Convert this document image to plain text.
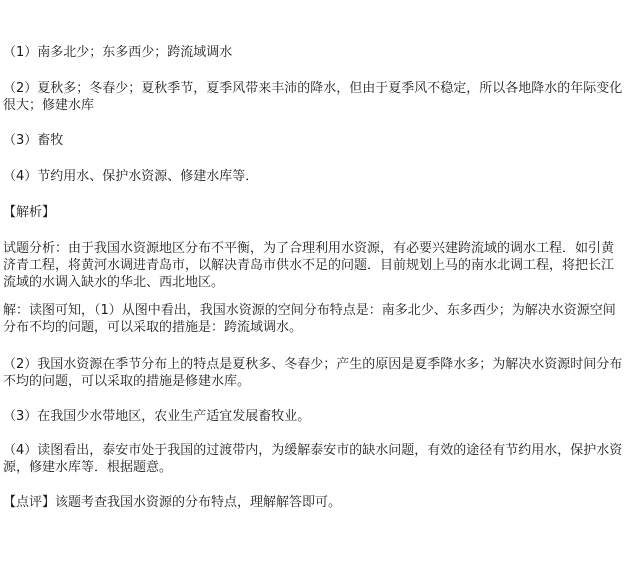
（1）南多北少；东多西少；跨流域调水

（2）夏秋多；冬春少；夏秋季节，夏季风带来丰沛的降水，但由于夏季风不稳定，所以各地降水的年际变化很大；修建水库

（3）畜牧

（4）节约用水、保护水资源、修建水库等．

【解析】

试题分析：由于我国水资源地区分布不平衡，为了合理利用水资源，有必要兴建跨流域的调水工程．如引黄济青工程，将黄河水调进青岛市，以解决青岛市供水不足的问题．目前规划上马的南水北调工程，将把长江流域的水调入缺水的华北、西北地区。

解：读图可知，（1）从图中看出，我国水资源的空间分布特点是：南多北少、东多西少；为解决水资源空间分布不均的问题，可以采取的措施是：跨流域调水。

（2）我国水资源在季节分布上的特点是夏秋多、冬春少；产生的原因是夏季降水多；为解决水资源时间分布不均的问题，可以采取的措施是修建水库。

（3）在我国少水带地区，农业生产适宜发展畜牧业。

（4）读图看出，泰安市处于我国的过渡带内，为缓解泰安市的缺水问题，有效的途径有节约用水，保护水资源，修建水库等．根据题意。

【点评】该题考查我国水资源的分布特点，理解解答即可。
